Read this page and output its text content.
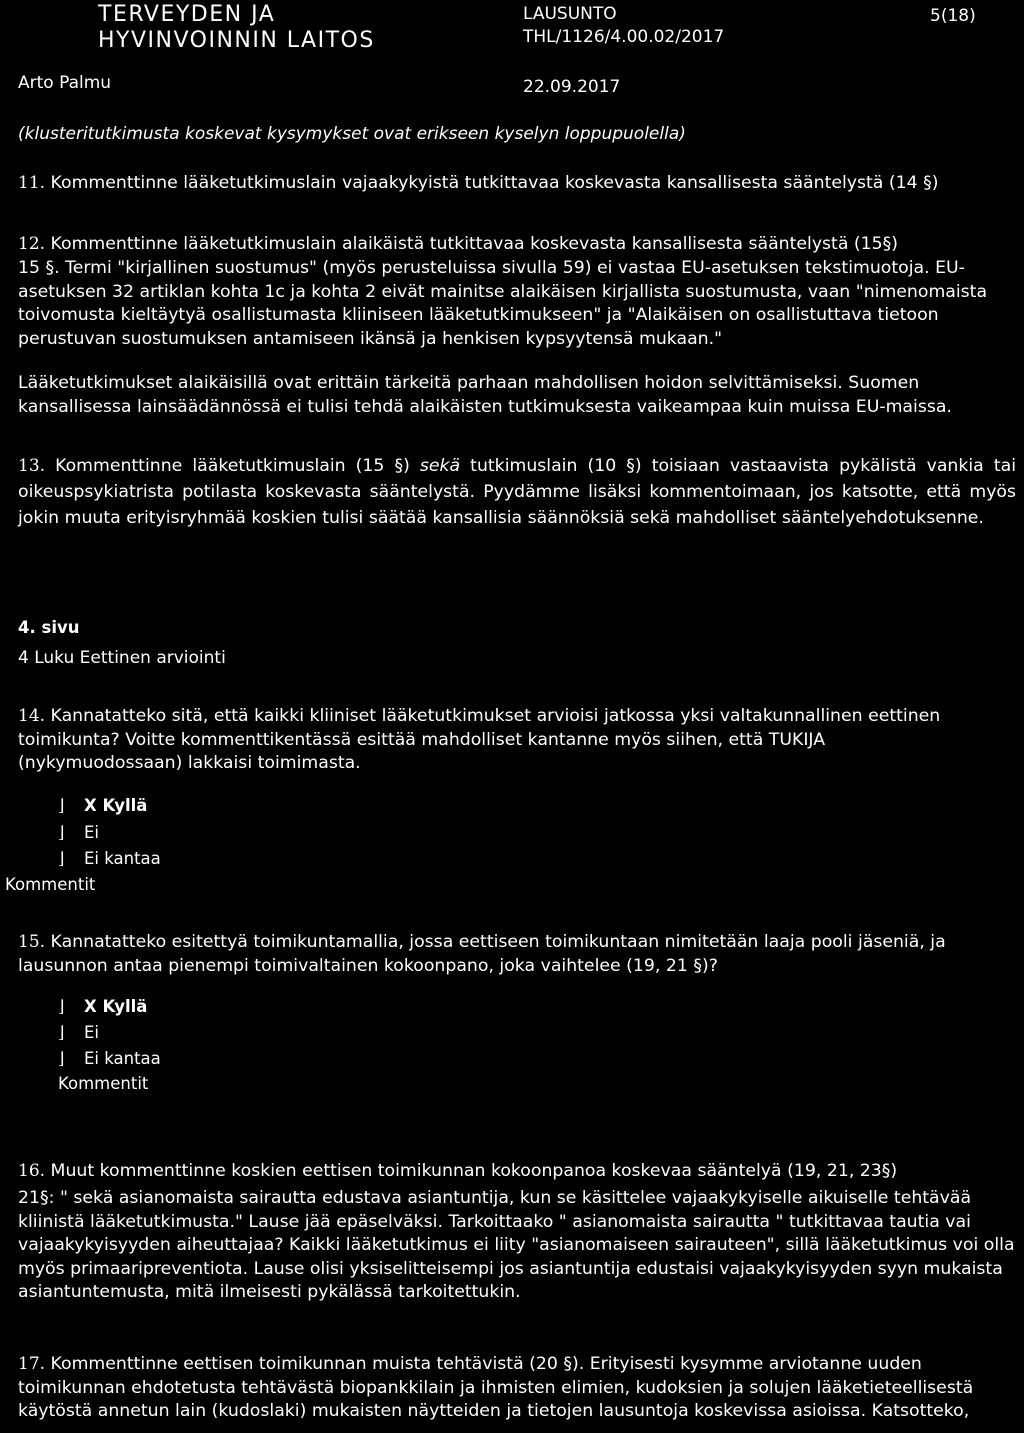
TERVEYDEN JA
HYVINVOINNIN LAITOS
LAUSUNTO
THL/1126/4.00.02/2017
5(18)
Arto Palmu	22.09.2017
(klusteritutkimusta koskevat kysymykset ovat erikseen kyselyn loppupuolella)
11. Kommenttinne lääketutkimuslain vajaakykyistä tutkittavaa koskevasta kansallisesta sääntelystä (14 §)
12. Kommenttinne lääketutkimuslain alaikäistä tutkittavaa koskevasta kansallisesta sääntelystä (15§)
15 §. Termi "kirjallinen suostumus" (myös perusteluissa sivulla 59) ei vastaa EU-asetuksen tekstimuotoja. EU-asetuksen 32 artiklan kohta 1c ja kohta 2 eivät mainitse alaikäisen kirjallista suostumusta, vaan "nimenomaista toivomusta kieltäytyä osallistumasta kliiniseen lääketutkimukseen" ja "Alaikäisen on osallistuttava tietoon perustuvan suostumuksen antamiseen ikänsä ja henkisen kypsyytensä mukaan."
Lääketutkimukset alaikäisillä ovat erittäin tärkeitä parhaan mahdollisen hoidon selvittämiseksi. Suomen kansallisessa lainsäädännössä ei tulisi tehdä alaikäisten tutkimuksesta vaikeampaa kuin muissa EU-maissa.
13. Kommenttinne lääketutkimuslain (15 §) sekä tutkimuslain (10 §) toisiaan vastaavista pykälistä vankia tai oikeuspsykiatrista potilasta koskevasta sääntelystä. Pyydämme lisäksi kommentoimaan, jos katsotte, että myös jokin muuta erityisryhmää koskien tulisi säätää kansallisia säännöksiä sekä mahdolliset sääntelyehdotuksenne.
4. sivu
4 Luku Eettinen arviointi
14. Kannatatteko sitä, että kaikki kliiniset lääketutkimukset arvioisi jatkossa yksi valtakunnallinen eettinen toimikunta? Voitte kommenttikentässä esittää mahdolliset kantanne myös siihen, että TUKIJA (nykymuodossaan) lakkaisi toimimasta.
⌋ X Kyllä
⌋ Ei
⌋ Ei kantaa
Kommentit
15. Kannatatteko esitettyä toimikuntamallia, jossa eettiseen toimikuntaan nimitetään laaja pooli jäseniä, ja lausunnon antaa pienempi toimivaltainen kokoonpano, joka vaihtelee (19, 21 §)?
⌋ X Kyllä
⌋ Ei
⌋ Ei kantaa
Kommentit
16. Muut kommenttinne koskien eettisen toimikunnan kokoonpanoa koskevaa sääntelyä (19, 21, 23§)
21§: " sekä asianomaista sairautta edustava asiantuntija, kun se käsittelee vajaakykyiselle aikuiselle tehtävää kliinistä lääketutkimusta." Lause jää epäselväksi. Tarkoittaako " asianomaista sairautta " tutkittavaa tautia vai vajaakykyisyyden aiheuttajaa? Kaikki lääketutkimus ei liity "asianomaiseen sairauteen", sillä lääketutkimus voi olla myös primaaripreventiota. Lause olisi yksiselitteisempi jos asiantuntija edustaisi vajaakykyisyyden syyn mukaista asiantuntemusta, mitä ilmeisesti pykälässä tarkoitettukin.
17. Kommenttinne eettisen toimikunnan muista tehtävistä (20 §). Erityisesti kysymme arviotanne uuden toimikunnan ehdotetusta tehtävästä biopankkilain ja ihmisten elimien, kudoksien ja solujen lääketieteellisestä käytöstä annetun lain (kudoslaki) mukaisten näytteiden ja tietojen lausuntoja koskevissa asioissa. Katsotteko,
